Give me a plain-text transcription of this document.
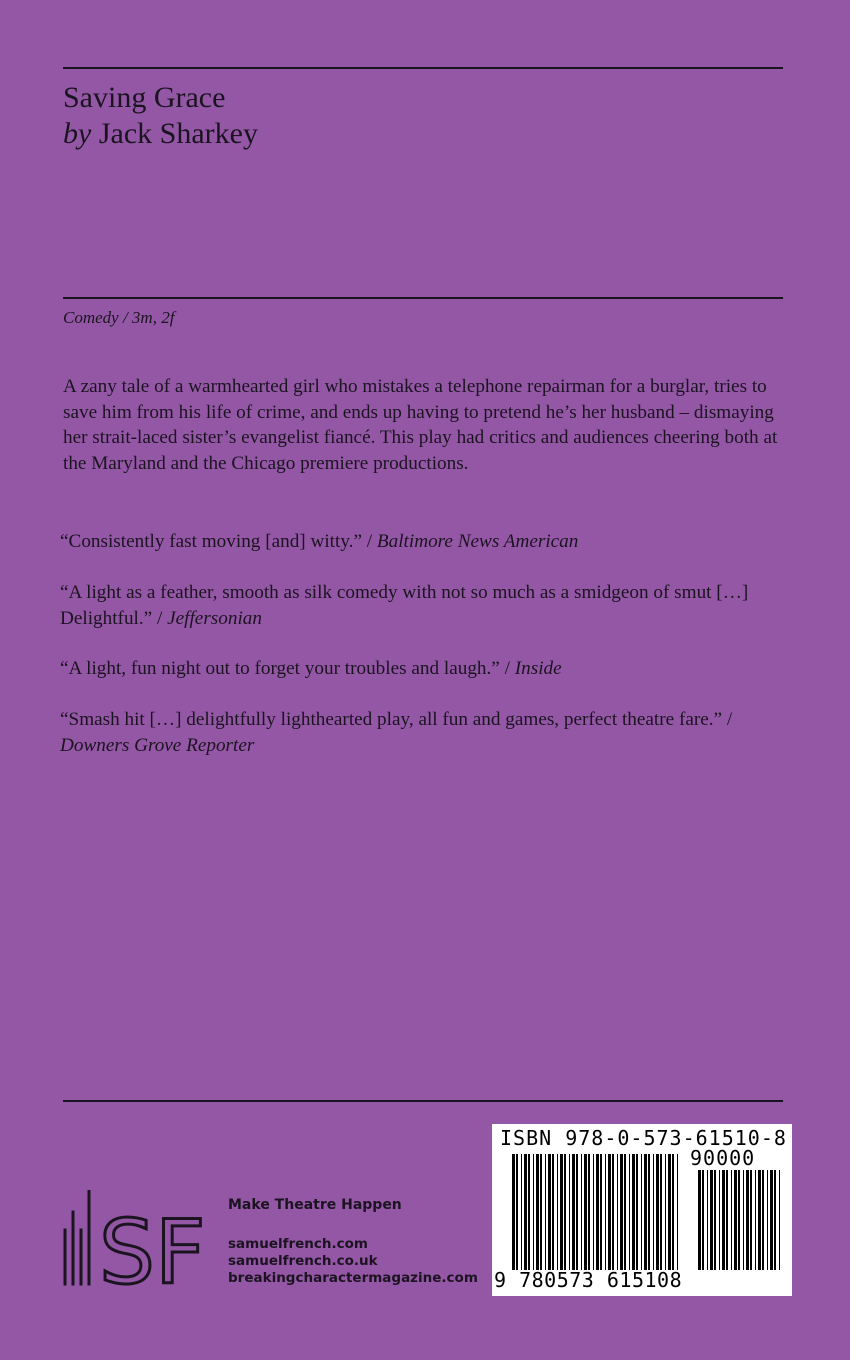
Saving Grace
by Jack Sharkey
Comedy / 3m, 2f
A zany tale of a warmhearted girl who mistakes a telephone repairman for a burglar, tries to save him from his life of crime, and ends up having to pretend he’s her husband – dismaying her strait-laced sister’s evangelist fiancé. This play had critics and audiences cheering both at the Maryland and the Chicago premiere productions.
“Consistently fast moving [and] witty.” / Baltimore News American
“A light as a feather, smooth as silk comedy with not so much as a smidgeon of smut […] Delightful.” / Jeffersonian
“A light, fun night out to forget your troubles and laugh.” / Inside
“Smash hit […] delightfully lighthearted play, all fun and games, perfect theatre fare.” / Downers Grove Reporter
SF Make Theatre Happen
samuelfrench.com
samuelfrench.co.uk
breakingcharactermagazine.com
ISBN 978-0-573-61510-8
90000
9 780573 615108
